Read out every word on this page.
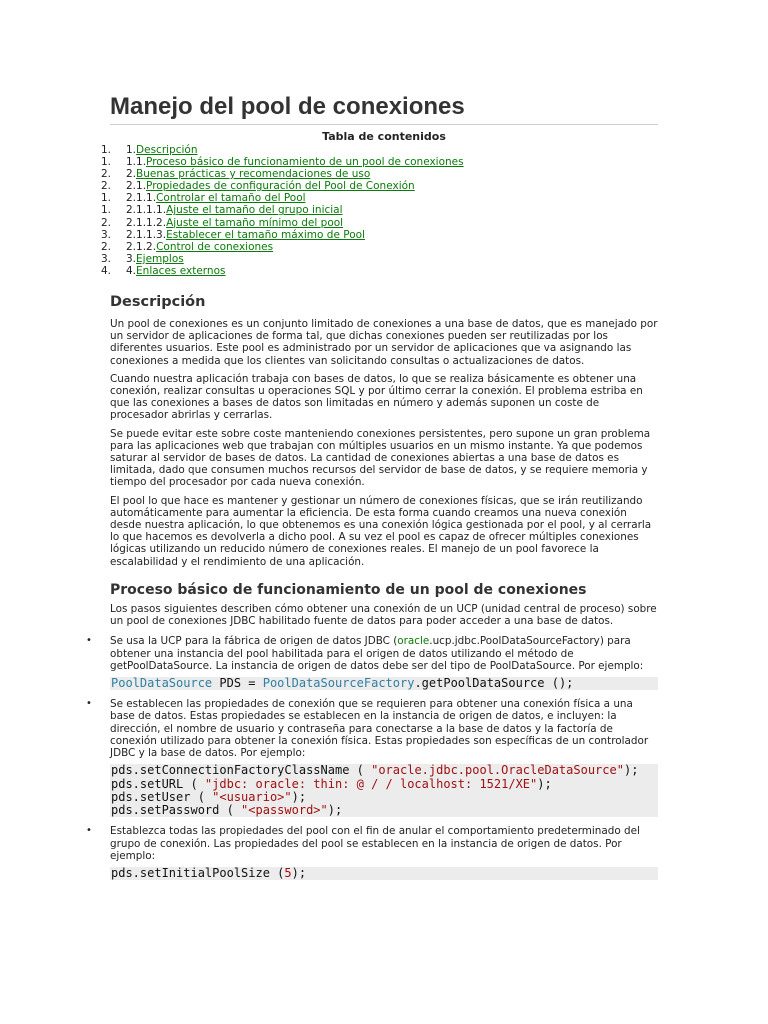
Manejo del pool de conexiones
Tabla de contenidos
1. 1.Descripción
1. 1.1.Proceso básico de funcionamiento de un pool de conexiones
2. 2.Buenas prácticas y recomendaciones de uso
2. 2.1.Propiedades de configuración del Pool de Conexión
1. 2.1.1.Controlar el tamaño del Pool
1. 2.1.1.1.Ajuste el tamaño del grupo inicial
2. 2.1.1.2.Ajuste el tamaño mínimo del pool
3. 2.1.1.3.Establecer el tamaño máximo de Pool
2. 2.1.2.Control de conexiones
3. 3.Ejemplos
4. 4.Enlaces externos
Descripción

Un pool de conexiones es un conjunto limitado de conexiones a una base de datos, que es manejado por un servidor de aplicaciones de forma tal, que dichas conexiones pueden ser reutilizadas por los diferentes usuarios. Este pool es administrado por un servidor de aplicaciones que va asignando las conexiones a medida que los clientes van solicitando consultas o actualizaciones de datos.

Cuando nuestra aplicación trabaja con bases de datos, lo que se realiza básicamente es obtener una conexión, realizar consultas u operaciones SQL y por último cerrar la conexión. El problema estriba en que las conexiones a bases de datos son limitadas en número y además suponen un coste de procesador abrirlas y cerrarlas.

Se puede evitar este sobre coste manteniendo conexiones persistentes, pero supone un gran problema para las aplicaciones web que trabajan con múltiples usuarios en un mismo instante. Ya que podemos saturar al servidor de bases de datos. La cantidad de conexiones abiertas a una base de datos es limitada, dado que consumen muchos recursos del servidor de base de datos, y se requiere memoria y tiempo del procesador por cada nueva conexión.

El pool lo que hace es mantener y gestionar un número de conexiones físicas, que se irán reutilizando automáticamente para aumentar la eficiencia. De esta forma cuando creamos una nueva conexión desde nuestra aplicación, lo que obtenemos es una conexión lógica gestionada por el pool, y al cerrarla lo que hacemos es devolverla a dicho pool. A su vez el pool es capaz de ofrecer múltiples conexiones lógicas utilizando un reducido número de conexiones reales. El manejo de un pool favorece la escalabilidad y el rendimiento de una aplicación.

Proceso básico de funcionamiento de un pool de conexiones

Los pasos siguientes describen cómo obtener una conexión de un UCP (unidad central de proceso) sobre un pool de conexiones JDBC habilitado fuente de datos para poder acceder a una base de datos.

• Se usa la UCP para la fábrica de origen de datos JDBC (oracle.ucp.jdbc.PoolDataSourceFactory) para obtener una instancia del pool habilitada para el origen de datos utilizando el método de getPoolDataSource. La instancia de origen de datos debe ser del tipo de PoolDataSource. Por ejemplo:
PoolDataSource PDS = PoolDataSourceFactory.getPoolDataSource ();
• Se establecen las propiedades de conexión que se requieren para obtener una conexión física a una base de datos. Estas propiedades se establecen en la instancia de origen de datos, e incluyen: la dirección, el nombre de usuario y contraseña para conectarse a la base de datos y la factoría de conexión utilizado para obtener la conexión física. Estas propiedades son específicas de un controlador JDBC y la base de datos. Por ejemplo:
pds.setConnectionFactoryClassName ( "oracle.jdbc.pool.OracleDataSource");
pds.setURL ( "jdbc: oracle: thin: @ / / localhost: 1521/XE");
pds.setUser ( "<usuario>");
pds.setPassword ( "<password>");
• Establezca todas las propiedades del pool con el fin de anular el comportamiento predeterminado del grupo de conexión. Las propiedades del pool se establecen en la instancia de origen de datos. Por ejemplo:
pds.setInitialPoolSize (5);
